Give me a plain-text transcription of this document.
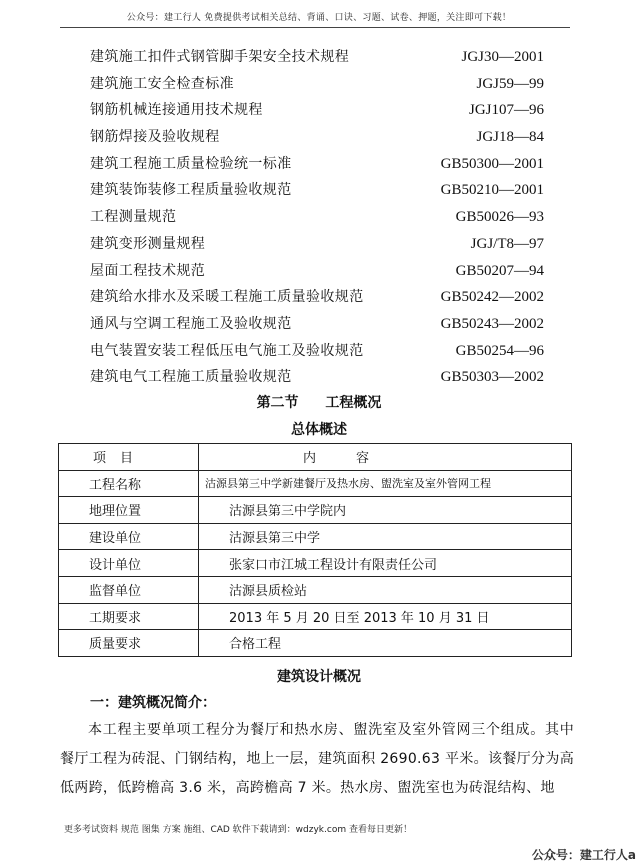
公众号：建工行人 免费提供考试相关总结、背诵、口诀、习题、试卷、押题，关注即可下载！
建筑施工扣件式钢管脚手架安全技术规程	JGJ30—2001
建筑施工安全检查标准	JGJ59—99
钢筋机械连接通用技术规程	JGJ107—96
钢筋焊接及验收规程	JGJ18—84
建筑工程施工质量检验统一标准	GB50300—2001
建筑装饰装修工程质量验收规范	GB50210—2001
工程测量规范	GB50026—93
建筑变形测量规程	JGJ/T8—97
屋面工程技术规范	GB50207—94
建筑给水排水及采暖工程施工质量验收规范	GB50242—2002
通风与空调工程施工及验收规范	GB50243—2002
电气装置安装工程低压电气施工及验收规范	GB50254—96
建筑电气工程施工质量验收规范	GB50303—2002
第二节 工程概况
总体概述
项目	内容
工程名称	沽源县第三中学新建餐厅及热水房、盥洗室及室外管网工程
地理位置	沽源县第三中学院内
建设单位	沽源县第三中学
设计单位	张家口市江城工程设计有限责任公司
监督单位	沽源县质检站
工期要求	2013 年 5 月 20 日至 2013 年 10 月 31 日
质量要求	合格工程
建筑设计概况
一：建筑概况简介：
本工程主要单项工程分为餐厅和热水房、盥洗室及室外管网三个组成。其中餐厅工程为砖混、门钢结构，地上一层，建筑面积 2690.63 平米。该餐厅分为高低两跨，低跨檐高 3.6 米，高跨檐高 7 米。热水房、盥洗室也为砖混结构、地
更多考试资料 规范 图集 方案 施组、CAD 软件下载请到：wdzyk.com 查看每日更新！
公众号：建工行人a
